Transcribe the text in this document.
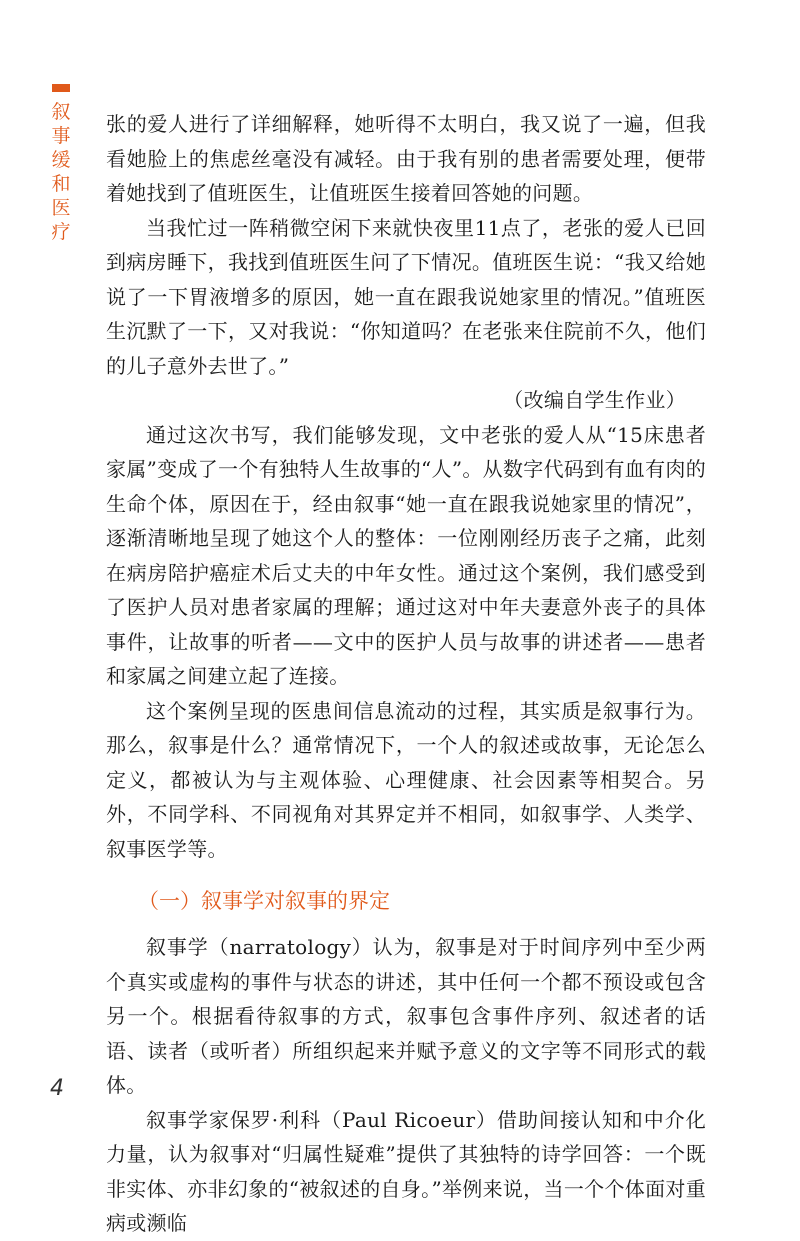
叙
事
缓
和
医
疗

张的爱人进行了详细解释，她听得不太明白，我又说了一遍，但我看她脸上的焦虑丝毫没有减轻。由于我有别的患者需要处理，便带着她找到了值班医生，让值班医生接着回答她的问题。

当我忙过一阵稍微空闲下来就快夜里11点了，老张的爱人已回到病房睡下，我找到值班医生问了下情况。值班医生说：“我又给她说了一下胃液增多的原因，她一直在跟我说她家里的情况。”值班医生沉默了一下，又对我说：“你知道吗？在老张来住院前不久，他们的儿子意外去世了。”

（改编自学生作业）

通过这次书写，我们能够发现，文中老张的爱人从“15床患者家属”变成了一个有独特人生故事的“人”。从数字代码到有血有肉的生命个体，原因在于，经由叙事“她一直在跟我说她家里的情况”，逐渐清晰地呈现了她这个人的整体：一位刚刚经历丧子之痛，此刻在病房陪护癌症术后丈夫的中年女性。通过这个案例，我们感受到了医护人员对患者家属的理解；通过这对中年夫妻意外丧子的具体事件，让故事的听者——文中的医护人员与故事的讲述者——患者和家属之间建立起了连接。

这个案例呈现的医患间信息流动的过程，其实质是叙事行为。那么，叙事是什么？通常情况下，一个人的叙述或故事，无论怎么定义，都被认为与主观体验、心理健康、社会因素等相契合。另外，不同学科、不同视角对其界定并不相同，如叙事学、人类学、叙事医学等。

（一）叙事学对叙事的界定

叙事学（narratology）认为，叙事是对于时间序列中至少两个真实或虚构的事件与状态的讲述，其中任何一个都不预设或包含另一个。根据看待叙事的方式，叙事包含事件序列、叙述者的话语、读者（或听者）所组织起来并赋予意义的文字等不同形式的载体。

叙事学家保罗·利科（Paul Ricoeur）借助间接认知和中介化力量，认为叙事对“归属性疑难”提供了其独特的诗学回答：一个既非实体、亦非幻象的“被叙述的自身。”举例来说，当一个个体面对重病或濒临

4
